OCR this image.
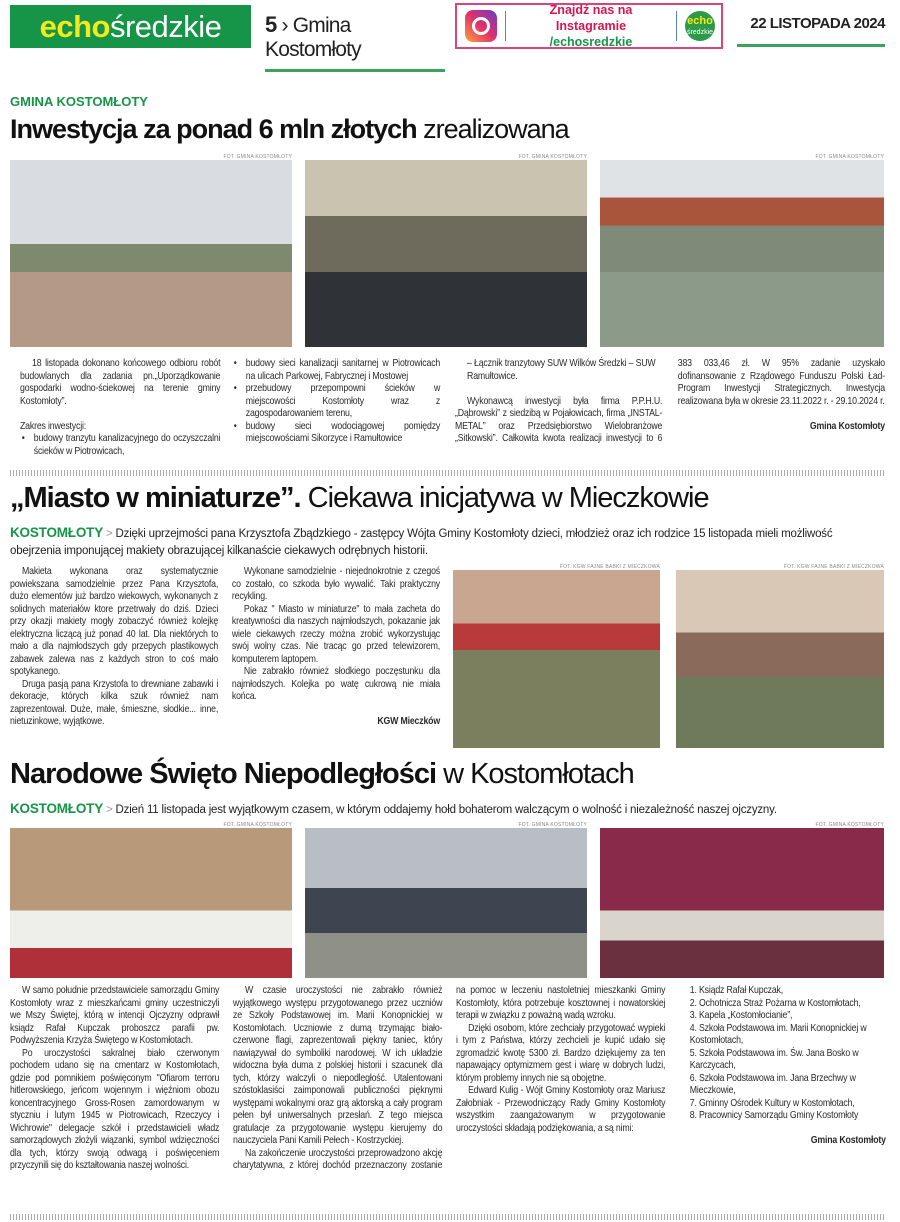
echo średzkie 5 › Gmina Kostomłoty
Znajdź nas na Instagramie
/echosredzkie
echo
średzkie
22 LISTOPADA 2024
GMINA KOSTOMŁOTY
Inwestycja za ponad 6 mln złotych zrealizowana
FOT. GMINA KOSTOMŁOTY	FOT. GMINA KOSTOMŁOTY	FOT. GMINA KOSTOMŁOTY

18 listopada dokonano końcowego odbioru robót budowlanych dla zadania pn.„Uporządkowanie gospodarki wodno-ściekowej na terenie gminy Kostomłoty”.

Zakres inwestycji:
• budowy tranzytu kanalizacyjnego do oczyszczalni ścieków w Piotrowicach,
• budowy sieci kanalizacji sanitarnej w Piotrowicach na ulicach Parkowej, Fabrycznej i Mostowej
• przebudowy przepompowni ścieków w miejscowości Kostomłoty wraz z zagospodarowaniem terenu,
• budowy sieci wodociągowej pomiędzy miejscowościami Sikorzyce i Ramułtowice
– Łącznik tranzytowy SUW Wilków Średzki – SUW Ramułtowice.

Wykonawcą inwestycji była firma P.P.H.U. „Dąbrowski” z siedzibą w Pojałowicach, firma „INSTAL-METAL” oraz Przedsiębiorstwo Wielobranżowe „Sitkowski”. Całkowita kwota realizacji inwestycji to 6 383 033,46 zł. W 95% zadanie uzyskało dofinansowanie z Rządowego Funduszu Polski Ład- Program Inwestycji Strategicznych. Inwestycja realizowana była w okresie 23.11.2022 r. - 29.10.2024 r.

Gmina Kostomłoty

„Miasto w miniaturze”. Ciekawa inicjatywa w Mieczkowie
KOSTOMŁOTY > Dzięki uprzejmości pana Krzysztofa Zbądzkiego - zastępcy Wójta Gminy Kostomłoty dzieci, młodzież oraz ich rodzice 15 listopada mieli możliwość obejrzenia imponującej makiety obrazującej kilkanaście ciekawych odrębnych historii.

Makieta wykonana oraz systematycznie powiekszana samodzielnie przez Pana Krzysztofa, dużo elementów już bardzo wiekowych, wykonanych z solidnych materiałów ktore przetrwały do dziś. Dzieci przy okazji makiety mogły zobaczyć również kolejkę elektryczna liczącą już ponad 40 lat. Dla niektórych to mało a dla najmłodszych gdy przepych plastikowych zabawek zalewa nas z każdych stron to coś mało spotykanego.

Druga pasją pana Krzystofa to drewniane zabawki i dekoracje, których kilka szuk również nam zaprezentował. Duże, małe, śmieszne, słodkie... inne, nietuzinkowe, wyjątkowe.

Wykonane samodzielnie - niejednokrotnie z czegoś co zostało, co szkoda było wywalić. Taki praktyczny recykling.

Pokaz " Miasto w miniaturze" to mała zacheta do kreatywności dla naszych najmłodszych, pokazanie jak wiele ciekawych rzeczy można zrobić wykorzystując swój wolny czas. Nie tracąc go przed telewizorem, komputerem laptopem.

Nie zabrakło również słodkiego poczęstunku dla najmłodszych. Kolejka po watę cukrową nie miała końca.

KGW Mieczków

FOT. KGW FAJNE BABKI Z MIECZKOWA	FOT. KGW FAJNE BABKI Z MIECZKOWA
Narodowe Święto Niepodległości w Kostomłotach
KOSTOMŁOTY > Dzień 11 listopada jest wyjątkowym czasem, w którym oddajemy hołd bohaterom walczącym o wolność i niezależność naszej ojczyzny.
FOT. GMINA KOSTOMŁOTY	FOT. GMINA KOSTOMŁOTY	FOT. GMINA KOSTOMŁOTY

W samo południe przedstawiciele samorządu Gminy Kostomłoty wraz z mieszkańcami gminy uczestniczyli we Mszy Świętej, którą w intencji Ojczyzny odprawił ksiądz Rafał Kupczak proboszcz parafii pw. Podwyższenia Krzyża Świętego w Kostomłotach.

Po uroczystości sakralnej biało czerwonym pochodem udano się na cmentarz w Kostomłotach, gdzie pod pomnikiem poświęconym "Ofiarom terroru hitlerowskiego, jeńcom wojennym i więźniom obozu koncentracyjnego Gross-Rosen zamordowanym w styczniu i lutym 1945 w Piotrowicach, Rzeczycy i Wichrowie" delegacje szkół i przedstawicieli władz samorządowych złożyli wiązanki, symbol wdzięczności dla tych, którzy swoją odwagą i poświęceniem przyczynili się do kształtowania naszej wolności.

W czasie uroczystości nie zabrakło również wyjątkowego występu przygotowanego przez uczniów ze Szkoły Podstawowej im. Marii Konopnickiej w Kostomłotach. Uczniowie z dumą trzymając biało-czerwone flagi, zaprezentowali piękny taniec, który nawiązywał do symboliki narodowej. W ich układzie widoczna była duma z polskiej historii i szacunek dla tych, którzy walczyli o niepodległość. Utalentowani szóstoklasiści zaimponowali publiczności pięknymi występami wokalnymi oraz grą aktorską a cały program pełen był uniwersalnych przesłań. Z tego miejsca gratulacje za przygotowanie występu kierujemy do nauczyciela Pani Kamili Pełech - Kostrzyckiej.

Na zakończenie uroczystości przeprowadzono akcję charytatywna, z której dochód przeznaczony zostanie na pomoc w leczeniu nastoletniej mieszkanki Gminy Kostomłoty, która potrzebuje kosztownej i nowatorskiej terapii w związku z poważną wadą wzroku.

Dzięki osobom, które zechciały przygotować wypieki i tym z Państwa, którzy zechcieli je kupić udało się zgromadzić kwotę 5300 zł. Bardzo dziękujemy za ten napawający optymizmem gest i wiarę w dobrych ludzi, którym problemy innych nie są obojętne.

Edward Kulig - Wójt Gminy Kostomłoty oraz Mariusz Załobniak - Przewodniczący Rady Gminy Kostomłoty wszystkim zaangażowanym w przygotowanie uroczystości składają podziękowania, a są nimi:

1. Ksiądz Rafał Kupczak,
2. Ochotnicza Straż Pożarna w Kostomłotach,
3. Kapela „Kostomłocianie”,
4. Szkoła Podstawowa im. Marii Konopnickiej w Kostomłotach,
5. Szkoła Podstawowa im. Św. Jana Bosko w Karczycach,
6. Szkoła Podstawowa im. Jana Brzechwy w Mieczkowie,
7. Gminny Ośrodek Kultury w Kostomłotach,
8. Pracownicy Samorządu Gminy Kostomłoty

Gmina Kostomłoty
